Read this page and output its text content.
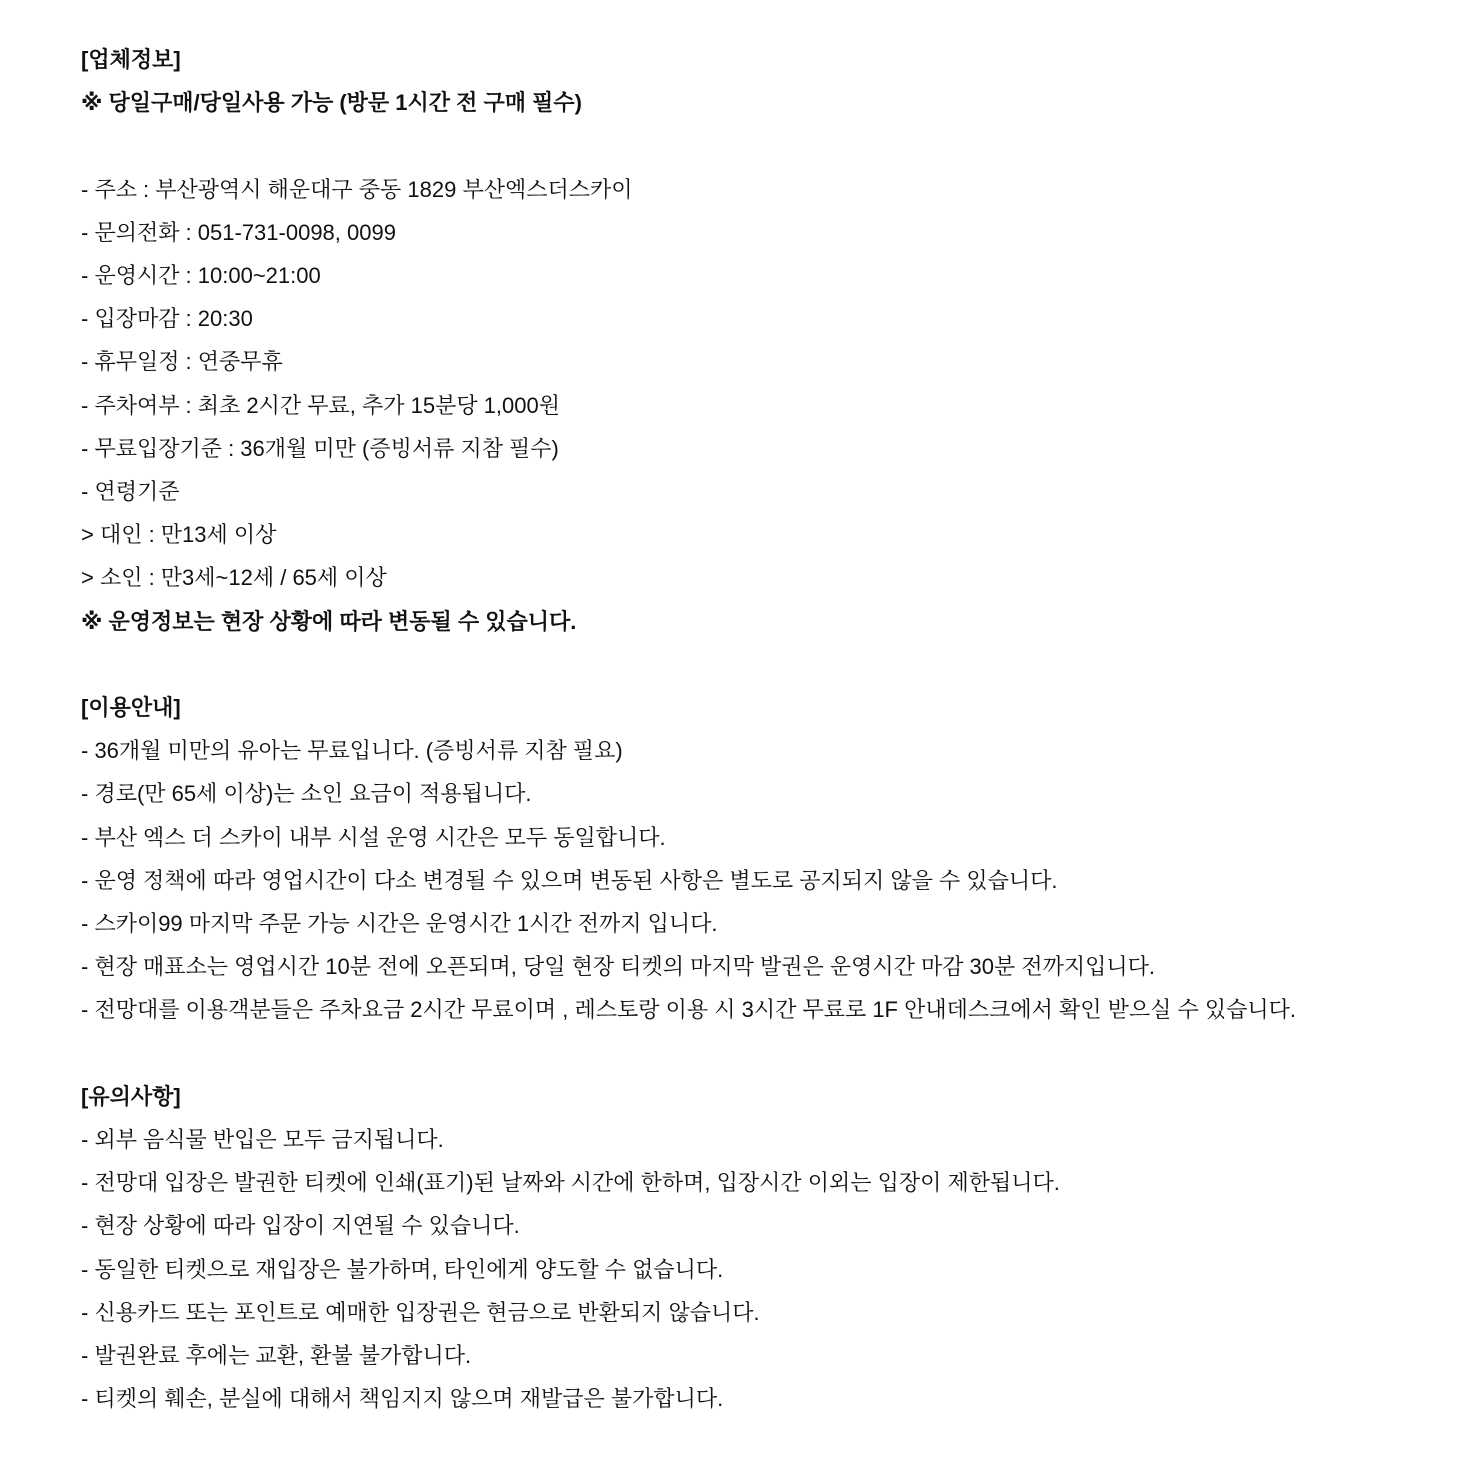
[업체정보]
※ 당일구매/당일사용 가능 (방문 1시간 전 구매 필수)
- 주소 : 부산광역시 해운대구 중동 1829 부산엑스더스카이
- 문의전화 : 051-731-0098, 0099
- 운영시간 : 10:00~21:00
- 입장마감 : 20:30
- 휴무일정 : 연중무휴
- 주차여부 : 최초 2시간 무료, 추가 15분당 1,000원
- 무료입장기준 : 36개월 미만 (증빙서류 지참 필수)
- 연령기준
> 대인 : 만13세 이상
> 소인 : 만3세~12세 / 65세 이상
※ 운영정보는 현장 상황에 따라 변동될 수 있습니다.
[이용안내]
- 36개월 미만의 유아는 무료입니다. (증빙서류 지참 필요)
- 경로(만 65세 이상)는 소인 요금이 적용됩니다.
- 부산 엑스 더 스카이 내부 시설 운영 시간은 모두 동일합니다.
- 운영 정책에 따라 영업시간이 다소 변경될 수 있으며 변동된 사항은 별도로 공지되지 않을 수 있습니다.
- 스카이99 마지막 주문 가능 시간은 운영시간 1시간 전까지 입니다.
- 현장 매표소는 영업시간 10분 전에 오픈되며, 당일 현장 티켓의 마지막 발권은 운영시간 마감 30분 전까지입니다.
- 전망대를 이용객분들은 주차요금 2시간 무료이며 , 레스토랑 이용 시 3시간 무료로 1F 안내데스크에서 확인 받으실 수 있습니다.
[유의사항]
- 외부 음식물 반입은 모두 금지됩니다.
- 전망대 입장은 발권한 티켓에 인쇄(표기)된 날짜와 시간에 한하며, 입장시간 이외는 입장이 제한됩니다.
- 현장 상황에 따라 입장이 지연될 수 있습니다.
- 동일한 티켓으로 재입장은 불가하며, 타인에게 양도할 수 없습니다.
- 신용카드 또는 포인트로 예매한 입장권은 현금으로 반환되지 않습니다.
- 발권완료 후에는 교환, 환불 불가합니다.
- 티켓의 훼손, 분실에 대해서 책임지지 않으며 재발급은 불가합니다.
